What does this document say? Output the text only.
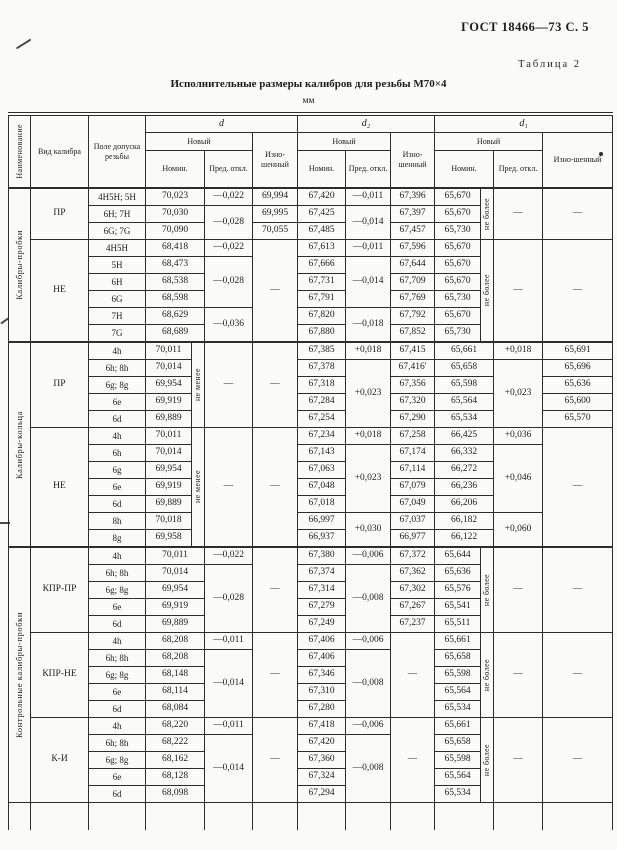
ГОСТ 18466—73 С. 5
Таблица 2
Исполнительные размеры калибров для резьбы М70×4
мм
Наименование	Вид калибра	Поле допуска резьбы	d				d₂			d₁			
			Новый			Изно-шенный	Новый		Изно-шенный	Новый			Изно-шенный
			Номин.		Пред. откл.		Номин.	Пред. откл.		Номин.		Пред. откл.	

Калибры-пробки	ПР	4H5H; 5H	70,023		—0,022	69,994	67,420	—0,011	67,396	65,670	не более	—	—
		6H; 7H	70,030		—0,028	69,995	67,425	—0,014	67,397	65,670			
		6G; 7G	70,090			70,055	67,485		67,457	65,730			
	НЕ	4H5H	68,418		—0,022	—	67,613	—0,011	67,596	65,670	не более	—	—
		5H	68,473		—0,028		67,666	—0,014	67,644	65,670			
		6H	68,538				67,731		67,709	65,670			
		6G	68,598				67,791		67,769	65,730			
		7H	68,629		—0,036		67,820	—0,018	67,792	65,670			
		7G	68,689				67,880		67,852	65,730			

Калибры-кольца	ПР	4h	70,011	не менее	—	—	67,385	+0,018	67,415	65,661		+0,018	65,691
		6h; 8h	70,014				67,378	+0,023	67,416'	65,658		+0,023	65,696
		6g; 8g	69,954				67,318		67,356	65,598			65,636
		6e	69,919				67,284		67,320	65,564			65,600
		6d	69,889				67,254		67,290	65,534			65,570
	НЕ	4h	70,011	не менее	—	—	67,234	+0,018	67,258	66,425		+0,036	—
		6h	70,014				67,143	+0,023	67,174	66,332		+0,046	
		6g	69,954				67,063		67,114	66,272			
		6e	69,919				67,048		67,079	66,236			
		6d	69,889				67,018		67,049	66,206			
		8h	70,018				66,997	+0,030	67,037	66,182		+0,060	
		8g	69,958				66,937		66,977	66,122			

Контрольные калибры-пробки	КПР-ПР	4h	70,011		—0,022	—	67,380	—0,006	67,372	65,644	не более	—	—
		6h; 8h	70,014		—0,028		67,374	—0,008	67,362	65,636			
		6g; 8g	69,954				67,314		67,302	65,576			
		6e	69,919				67,279		67,267	65,541			
		6d	69,889				67,249		67,237	65,511			
	КПР-НЕ	4h	68,208		—0,011	—	67,406	—0,006	—	65,661	не более	—	—
		6h; 8h	68,208		—0,014		67,406	—0,008		65,658			
		6g; 8g	68,148				67,346			65,598			
		6e	68,114				67,310			65,564			
		6d	68,084				67,280			65,534			
	К-И	4h	68,220		—0,011	—	67,418	—0,006	—	65,661	не более	—	—
		6h; 8h	68,222		—0,014		67,420	—0,008		65,658			
		6g; 8g	68,162				67,360			65,598			
		6e	68,128				67,324			65,564			
		6d	68,098				67,294			65,534			
